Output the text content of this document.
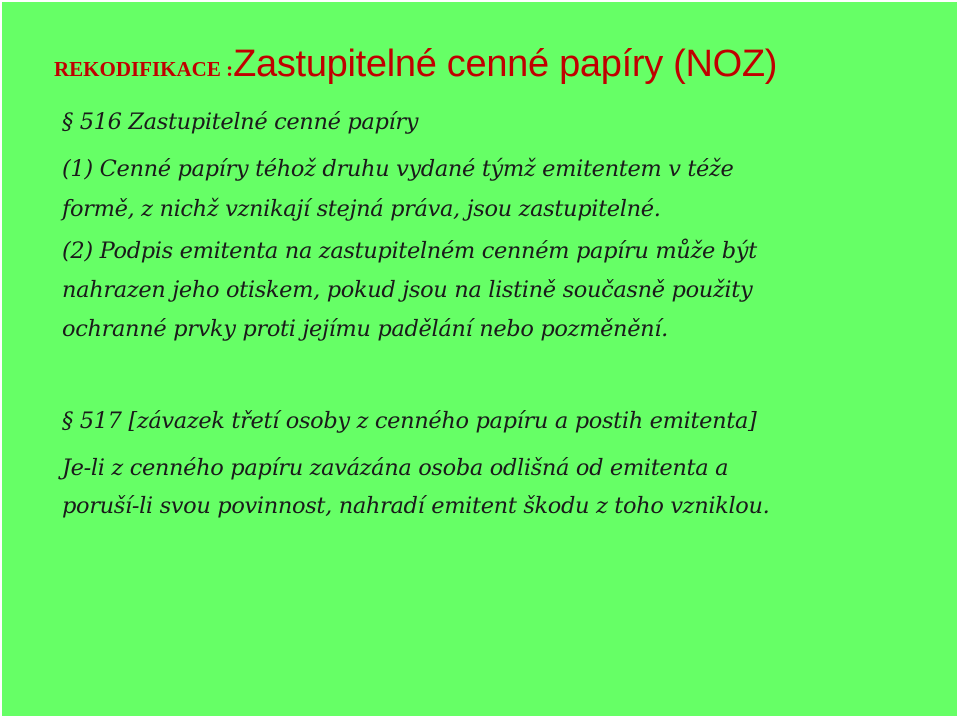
REKODIFIKACE :Zastupitelné cenné papíry (NOZ)
§ 516 Zastupitelné cenné papíry
(1) Cenné papíry téhož druhu vydané týmž emitentem v téže
formě, z nichž vznikají stejná práva, jsou zastupitelné.
(2) Podpis emitenta na zastupitelném cenném papíru může být
nahrazen jeho otiskem, pokud jsou na listině současně použity
ochranné prvky proti jejímu padělání nebo pozměnění.
§ 517 [závazek třetí osoby z cenného papíru a postih emitenta]
Je-li z cenného papíru zavázána osoba odlišná od emitenta a
poruší-li svou povinnost, nahradí emitent škodu z toho vzniklou.
